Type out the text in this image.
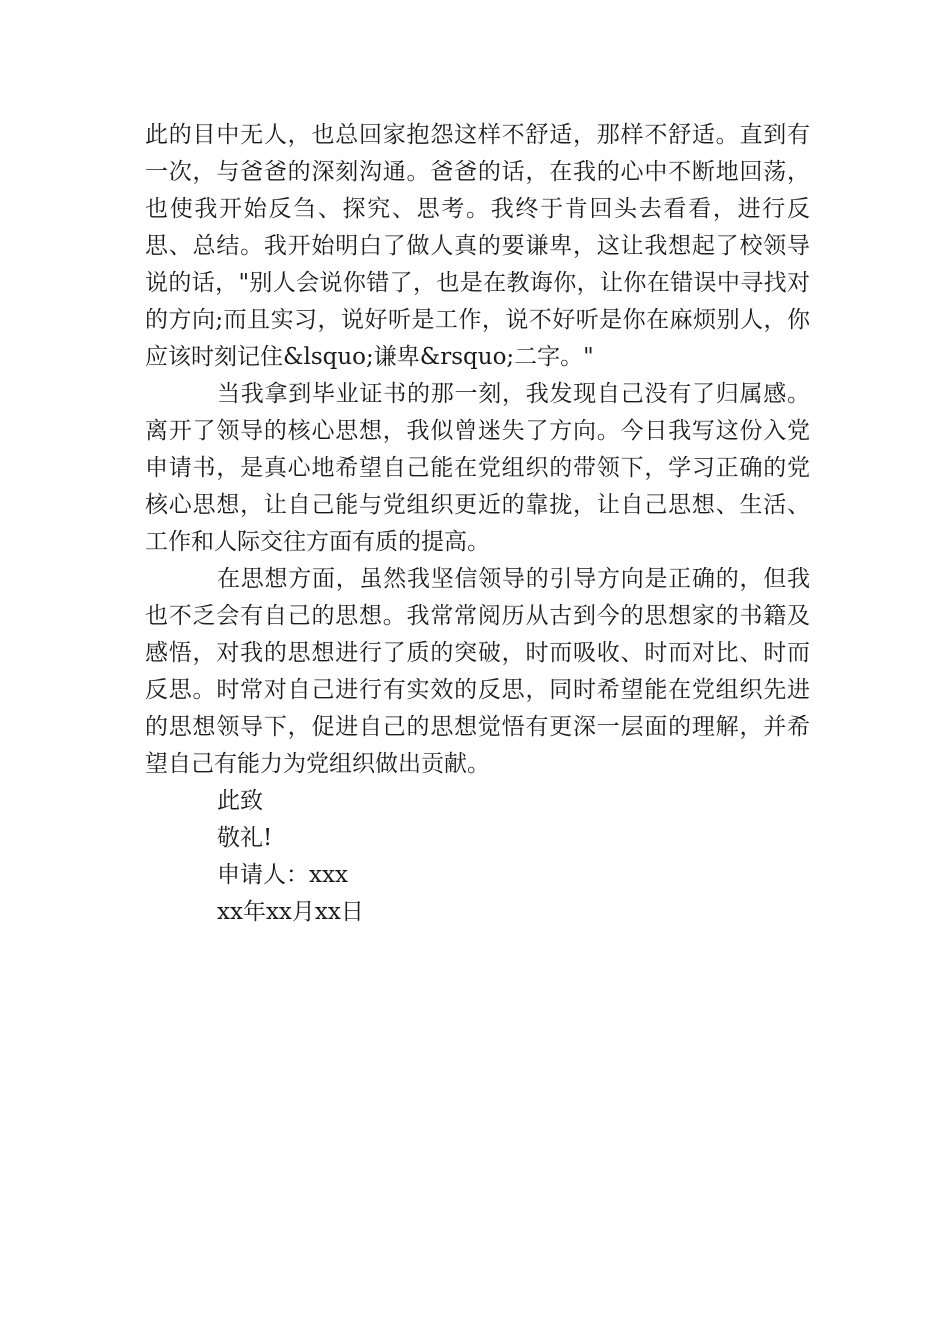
此的目中无人，也总回家抱怨这样不舒适，那样不舒适。直到有一次，与爸爸的深刻沟通。爸爸的话，在我的心中不断地回荡，也使我开始反刍、探究、思考。我终于肯回头去看看，进行反思、总结。我开始明白了做人真的要谦卑，这让我想起了校领导说的话，"别人会说你错了，也是在教诲你，让你在错误中寻找对的方向;而且实习，说好听是工作，说不好听是你在麻烦别人，你应该时刻记住&lsquo;谦卑&rsquo;二字。"

当我拿到毕业证书的那一刻，我发现自己没有了归属感。离开了领导的核心思想，我似曾迷失了方向。今日我写这份入党申请书，是真心地希望自己能在党组织的带领下，学习正确的党核心思想，让自己能与党组织更近的靠拢，让自己思想、生活、工作和人际交往方面有质的提高。

在思想方面，虽然我坚信领导的引导方向是正确的，但我也不乏会有自己的思想。我常常阅历从古到今的思想家的书籍及感悟，对我的思想进行了质的突破，时而吸收、时而对比、时而反思。时常对自己进行有实效的反思，同时希望能在党组织先进的思想领导下，促进自己的思想觉悟有更深一层面的理解，并希望自己有能力为党组织做出贡献。

此致

敬礼!

申请人：xxx

xx年xx月xx日
